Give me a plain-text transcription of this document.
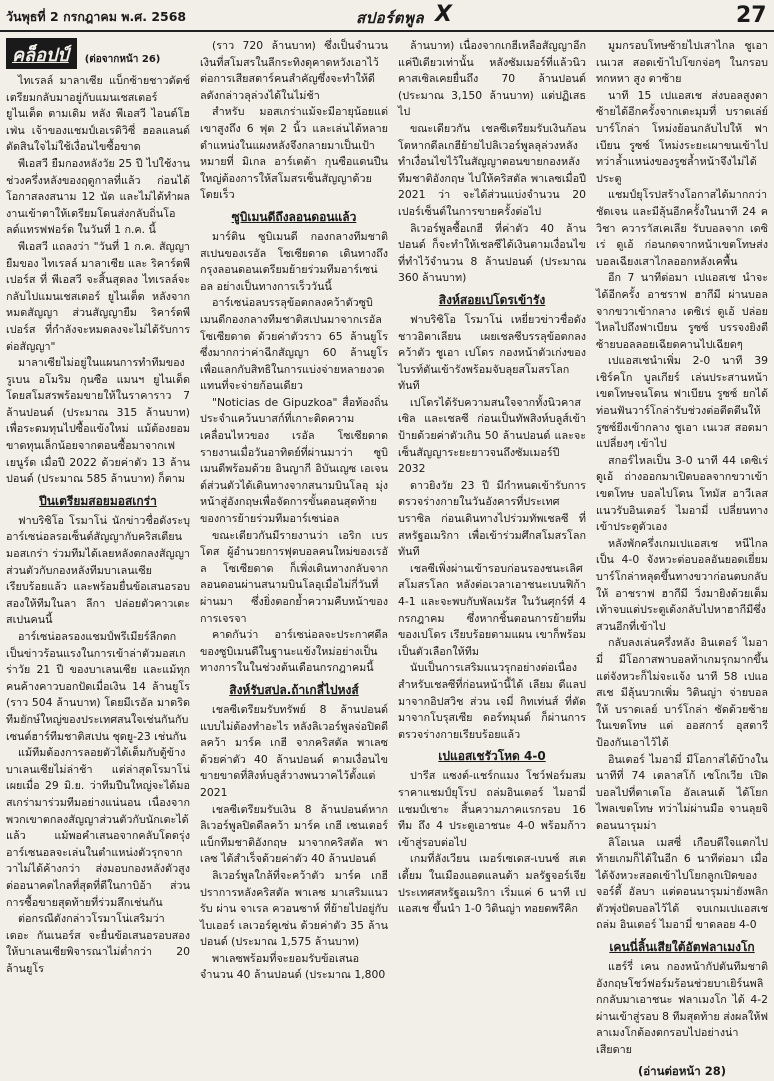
วันพุธที่ 2 กรกฎาคม พ.ศ. 2568	สปอร์ตพูล X	27
คล็อปป์	(ต่อจากหน้า 26)

ไทเรลล์ มาลาเซีย แบ็กซ้ายชาวดัตช์ เตรียมกลับมาอยู่กับแมนเชสเตอร์ ยูไนเต็ด ตามเดิม หลัง พีเอสวี ไอนด์โฮเฟ่น เจ้าของแชมป์เอเรดิวิซี่ ฮอลแลนด์ ตัดสินใจไม่ใช้เงื่อนไขซื้อขาด

พีเอสวี ยืมกองหลังวัย 25 ปี ไปใช้งานช่วงครึ่งหลังของฤดูกาลที่แล้ว ก่อนได้โอกาสลงสนาม 12 นัด และไม่ได้ทำผลงานเข้าตาให้เตรียมโดนส่งกลับถิ่นโอลด์แทรฟฟอร์ด ในวันที่ 1 ก.ค. นี้

พีเอสวี แถลงว่า "วันที่ 1 ก.ค. สัญญายืมของ ไทเรลล์ มาลาเซีย และ ริคาร์ดพีเปอร์ส ที่ พีเอสวี จะสิ้นสุดลง ไทเรลล์จะกลับไปแมนเชสเตอร์ ยูไนเต็ด หลังจากหมดสัญญา ส่วนสัญญายืม ริคาร์ดพีเปอร์ส ที่กำลังจะหมดลงจะไม่ได้รับการต่อสัญญา"

มาลาเซียไม่อยู่ในแผนการทำทีมของ รูเบน อโมริม กุนซือ แมนฯ ยูไนเต็ด โดยสโมสรพร้อมขายให้ในราคาราว 7 ล้านปอนด์ (ประมาณ 315 ล้านบาท) เพื่อระดมทุนไปซื้อแข้งใหม่ แม้ต้องยอมขาดทุนเล็กน้อยจากตอนซื้อมาจากเฟเยนูร์ด เมื่อปี 2022 ด้วยค่าตัว 13 ล้านปอนด์ (ประมาณ 585 ล้านบาท) ก็ตาม

ปีนเตรียมสอยมอสเกร่า

ฟาบริซิโอ โรมาโน่ นักข่าวชื่อดังระบุ อาร์เซน่อลรอเซ็นต์สัญญากับคริสเตียน มอสเกร่า ร่วมทีมได้เลยหลังตกลงสัญญาส่วนตัวกับกองหลังทีมบาเลนเซีย เรียบร้อยแล้ว และพร้อมยื่นข้อเสนอรอบสองให้ทีมในลา ลีกา ปล่อยตัวคาวเตะสเปนคนนี้

อาร์เซน่อลรองแชมป์พรีเมียร์ลีกตกเป็นข่าวร้อนแรงในการเข้าล่าตัวมอสเกร่าวัย 21 ปี ของบาเลนเซีย และแม้ทุกคนค้างคาวบอกปัดเมื่อเงิน 14 ล้านยูโร (ราว 504 ล้านบาท) โดยมีเรอัล มาดริด ทีมยักษ์ใหญ่ของประเทศสนใจเช่นกันกับเซนต์ฮาร์ทีมชาติสเปน ชุดยู-23 เช่นกัน

แม้ทีมต้องการลอยตัวได้เต็มกับตู้ข้างบาเลนเซียไม่ล่าช้า แต่ล่าสุดโรมาโน่เผยเมื่อ 29 มิ.ย. ว่าทีมปืนใหญ่จะได้มอสเกร่ามาร่วมทีมอย่างแน่นอน เนื่องจากพวกเขาตกลงสัญญาส่วนตัวกับนักเตะได้แล้ว แม้พอคำเสนอจากคลับโดดรุ่งอาร์เซนอลจะเล่นในตำแหน่งตัวรุกจากวาไม่ได้ค้างกว่า ส่งมอบกองหลังตัวสูงต่ออนาคตไกลที่สุดที่ดีในกาบิอ้า ส่วนการซื้อขายสุดท้ายที่ร่วมลึกเช่นกัน

ต่อกรณีดังกล่าวโรมาโน่เสริมว่า เดอะ กันเนอร์ส จะยื่นข้อเสนอรอบสองให้บาเลนเซียพิจารณาไม่ต่ำกว่า 20 ล้านยูโร

(ราว 720 ล้านบาท) ซึ่งเป็นจำนวนเงินที่สโมสรในลีกระทิงดุคาดหวังเอาไว้ต่อการเสียสตาร์คนสำคัญซึ่งจะทำให้ดีลดังกล่าวลุล่วงได้ในไม่ช้า

สำหรับ มอสเกร่าแม้จะมีอายุน้อยแต่เขาสูงถึง 6 ฟุต 2 นิ้ว และเล่นได้หลายตำแหน่งในแผงหลังจึงกลายมาเป็นเป้าหมายที่ มิเกล อาร์เตต้า กุนซือแดนปืนใหญ่ต้องการให้สโมสรเซ็นสัญญาด้วยโดยเร็ว

ซูบิเมนดีถึงลอนดอนแล้ว

มาร์ติน ซูบิเมนดี กองกลางทีมชาติสเปนของเรอัล โซเซียดาด เดินทางถึงกรุงลอนดอนเตรียมย้ายร่วมทีมอาร์เซน่อล อย่างเป็นทางการเร็ววันนี้

อาร์เซน่อลบรรลุข้อตกลงคว้าตัวซูบิเมนดีกองกลางทีมชาติสเปนมาจากเรอัล โซเซียดาด ด้วยค่าตัวราว 65 ล้านยูโร ซึ่งมากกว่าค่าฉีกสัญญา 60 ล้านยูโร เพื่อแลกกับสิทธิในการแบ่งจ่ายหลายงวด แทนที่จะจ่ายก้อนเดียว

"Noticias de Gipuzkoa" สื่อท้องถิ่นประจำแคว้นบาสก์ที่เกาะติดความเคลื่อนไหวของ เรอัล โซเซียดาด รายงานเมื่อวันอาทิตย์ที่ผ่านมาว่า ซูบิเมนดีพร้อมด้วย อินญากี อิบันเญซ เอเจนต์ส่วนตัวได้เดินทางจากสนามบินโลอุ มุ่งหน้าสู่อังกฤษเพื่อจัดการขั้นตอนสุดท้ายของการย้ายร่วมทีมอาร์เซน่อล

ขณะเดียวกันมีรายงานว่า เอริก เบรโตส ผู้อำนวยการฟุตบอลคนใหม่ของเรอัล โซเซียดาด ก็เพิ่งเดินทางกลับจากลอนดอนผ่านสนามบินโลอุเมื่อไม่กี่วันที่ผ่านมา ซึ่งยิ่งตอกย้ำความคืบหน้าของการเจรจา

คาดกันว่า อาร์เซน่อลจะประกาศดีลของซูบิเมนดีในฐานะแข้งใหม่อย่างเป็นทางการในในช่วงต้นเดือนกรกฎาคมนี้

สิงห์รับสปล.ถ้าเกลี่ไปหงส์

เชลซีเตรียมรับทรัพย์ 8 ล้านปอนด์แบบไม่ต้องทำอะไร หลังลิเวอร์พูลจ่อปิดดีลคว้า มาร์ค เกฮี จากคริสตัล พาเลซ ด้วยค่าตัว 40 ล้านปอนด์ ตามเงื่อนไขขายขาดที่สิงห์บลูส์วางพนวาคไว้ตั้งแต่ 2021

เชลซีเตรียมรับเงิน 8 ล้านปอนด์หากลิเวอร์พูลปิดดีลคว้า มาร์ค เกฮี เซนเตอร์แบ็กทีมชาติอังกฤษ มาจากคริสตัล พาเลซ ได้สำเร็จด้วยค่าตัว 40 ล้านปอนด์

ลิเวอร์พูลใกล้ที่จะคว้าตัว มาร์ค เกฮี ปราการหลังคริสตัล พาเลซ มาเสริมแนวรับ ผ่าน จาเรล ควอนซาห์ ที่ย้ายไปอยู่กับไบเออร์ เลเวอร์คูเซ่น ด้วยค่าตัว 35 ล้านปอนด์ (ประมาณ 1,575 ล้านบาท)

พาเลซพร้อมที่จะยอมรับข้อเสนอจำนวน 40 ล้านปอนด์ (ประมาณ 1,800

ล้านบาท) เนื่องจากเกฮีเหลือสัญญาอีกแค่ปีเดียวเท่านั้น หลังซัมเมอร์ที่แล้วนิวคาสเซิลเคยยื่นถึง 70 ล้านปอนด์ (ประมาณ 3,150 ล้านบาท) แต่ปฏิเสธไป

ขณะเดียวกัน เชลซีเตรียมรับเงินก้อนโตหากดีลเกฮีย้ายไปลิเวอร์พูลลุล่วงหลังทำเงื่อนไขไว้ในสัญญาตอนขายกองหลังทีมชาติอังกฤษ ไปให้คริสตัล พาเลซเมื่อปี 2021 ว่า จะได้ส่วนแบ่งจำนวน 20 เปอร์เซ็นต์ในการขายครั้งต่อไป

ลิเวอร์พูลซื้อเกฮี ที่ค่าตัว 40 ล้านปอนด์ ก็จะทำให้เชลซีได้เงินตามเงื่อนไขที่ทำไว้จำนวน 8 ล้านปอนด์ (ประมาณ 360 ล้านบาท)

สิงห์สอยเปโดรเข้ารัง

ฟาบริซิโอ โรมาโน่ เหยี่ยวข่าวชื่อดังชาวอิตาเลียน เผยเชลซีบรรลุข้อตกลงคว้าตัว ชูเอา เปโดร กองหน้าตัวเก่งของไบรท์ตันเข้ารังพร้อมจับลุยสโมสรโลกทันที

เปโดรได้รับความสนใจจากทั้งนิวคาสเซิล และเชลซี ก่อนเป็นทัพสิงห์บลูส์เข้าป้ายด้วยค่าตัวเกิน 50 ล้านปอนด์ และจะเซ็นสัญญาระยะยาวจนถึงซัมเมอร์ปี 2032

ดาวยิงวัย 23 ปี มีกำหนดเข้ารับการตรวจร่างกายในวันอังคารที่ประเทศบราซิล ก่อนเดินทางไปร่วมทัพเชลซี ที่สหรัฐอเมริกา เพื่อเข้าร่วมศึกสโมสรโลกทันที

เชลซีเพิ่งผ่านเข้ารอบก่อนรองชนะเลิศสโมสรโลก หลังต่อเวลาเอาชนะเบนฟิก้า 4-1 และจะพบกับพัลเมรัส ในวันศุกร์ที่ 4 กรกฎาคม ซึ่งหากชิ้นตอนการย้ายที่มของเปโดร เรียบร้อยตามแผน เขาก็พร้อมเป็นตัวเลือกให้ทีม

นับเป็นการเสริมแนวรุกอย่างต่อเนื่องสำหรับเชลซีที่ก่อนหน้านี้ได้ เลียม ดีแลป มาจากอิปสวิช ส่วน เจมี่ กิทเท่นส์ ที่ตัดมาจากโบรุสเซีย ดอร์ทมุนด์ ก็ผ่านการตรวจร่างกายเรียบร้อยแล้ว

เปแอสเชรัวโหด 4-0

ปารีส แซงต์-แชร์กแมง โชว์ฟอร์มสมราคาแชมป์ยุโรป ถล่มอินเตอร์ ไมอามี่ แชมป์เชาะ สิ้นความภาคแรกรอบ 16 ทีม ถึง 4 ประตูเอาชนะ 4-0 พร้อมก้าวเข้าสู่รอบต่อไป

เกมที่ลังเวียน เมอร์เซเดส-เบนซ์ สเตเดี้ยม ในเมืองแอตแลนต้า มลรัฐจอร์เจีย ประเทศสหรัฐอเมริกา เริ่มแค่ 6 นาที เปแอสเช ขึ้นนำ 1-0 วิตินญ่า ทอยดพรีคิก

มูมกรอบโทษซ้ายไปเสาไกล ชูเอา เนเวส สอดเข้าไปโขกจ่อๆ ในกรอบทกหหา สูง ตาซ้าย

นาที 15 เปแอสเช ส่งบอลสูงตาซ้ายได้อีกครั้งจากเตะมุมที่ บราดเล่ย์ บาร์โกล่า โหม่งย้อนกลับไปให้ ฟาเบียน รูซซ์ โหม่งระยะเผาขนเข้าไป ทว่าล้ำแหน่งของรูซล้ำหน้าจึงไม่ได้ประตู

แชมป์ยุโรปสร้างโอกาสได้มากกว่าชัดเจน และมีลุ้นอีกครั้งในนาที 24 ควิชา ควาราัสเคเลีย รับบอลจาก เดซิเร่ ดูเอ้ ก่อนกดจากหน้าเขตโทษส่งบอลเฉียงเสาไกลออกหลังเคพื้น

อีก 7 นาทีต่อมา เปแอสเช นำจะได้อีกครั้ง อาชราฟ ฮากีมี ผ่านบอลจากขวาเข้ากลาง เดซิเร่ ดูเอ้ ปล่อยไหลไปถึงฟาเบียน รูซซ์ บรรจงยิงตีซ้ายบอลลอยเฉียดคานไปเฉียดๆ

เปแอสเชนำเพิ่ม 2-0 นาที 39 เชิร์คโก บูลเกียร์ เล่นประสานหน้าเขตโทษจนโดน ฟาเบียน รูซซ์ ยกได้ท่อนฟันวาร์โกล่ารับช่วงต่อตีดตีนให้รูซซ์ยีงเข้ากลาง ชูเอา เนเวส สอดมาแปลี่ยงๆ เข้าไป

สกอร์ไหลเป็น 3-0 นาที 44 เดซิเร่ ดูเอ้ ถ่างออกมาเปิดบอลจากขวาเข้าเขตโทษ บอลไปโดน โทมัส อาวีเลส แนวรับอินเตอร์ ไมอามี่ เปลี่ยนทางเข้าประตูตัวเอง

หลังพักครึ่งเกมเปแอสเช หนีไกลเป็น 4-0 จังหวะต่อบอลอันยอดเยี่ยม บาร์โกล่าหลุดขึ้นทางขวาก่อนตบกลับให้ อาชราฟ ฮากีมี วิ่งมายิงด้วยเต็มเท้าจบแต่ประตูเด้งกลับไปหาฮากีมีซึ่งสวนอีกที่เข้าไป

กลับลงเล่นครึ่งหลัง อินเตอร์ ไมอามี่ มีโอกาสพาบอลท้าเกมรุกมากขึ้นแต่จังหวะก็ไม่จะแจ้ง นาที 58 เปแอสเช มีลุ้นบวกเพิ่ม วิตินญ่า จ่ายบอลให้ บราดเลย์ บาร์โกล่า ซัดด้วยซ้ายในเขตโทษ แต่ ออสการ์ อุสตารี ป้องกันเอาไว้ได้

อินเตอร์ ไมอามี่ มีโอกาสได้บ้างในนาทีที่ 74 เตลาสโก้ เซโกเวีย เปิดบอลไปที่ตาเตโอ อัลเลนเด้ ได้โยกไพลเขตโทษ ทว่าไม่ผ่านมือ จานลุยจิ ดอนนารุมม่า

ลิโอเนล เมสซี่ เกือบดีใจแตกไปท้ายเกมก็ได้ในอีก 6 นาทีต่อมา เมื่อได้จังหวะสอดเข้าไปโยกลูกเปิดของ จอร์ดี้ อัลบา แต่ดอนนารุมม่ายังพลิกตัวพุ่งปัดบอลไว้ได้ จบเกมเปแอสเช ถล่ม อินเตอร์ ไมอามี่ ขาดลอย 4-0

เคนนี่ลิ้นเสียใต้อัตฟลาเมงโก

แฮร์รี่ เคน กองหน้ากัปตันทีมชาติอังกฤษโชว์ฟอร์มร้อนช่วยบาเยิร์นพลิกกลับมาเอาชนะ ฟลาเมงโก ได้ 4-2 ผ่านเข้าสู่รอบ 8 ทีมสุดท้าย ส่งผลให้ฟลาเมงโกต้องตกรอบไปอย่างน่าเสียดาย

(อ่านต่อหน้า 28)
